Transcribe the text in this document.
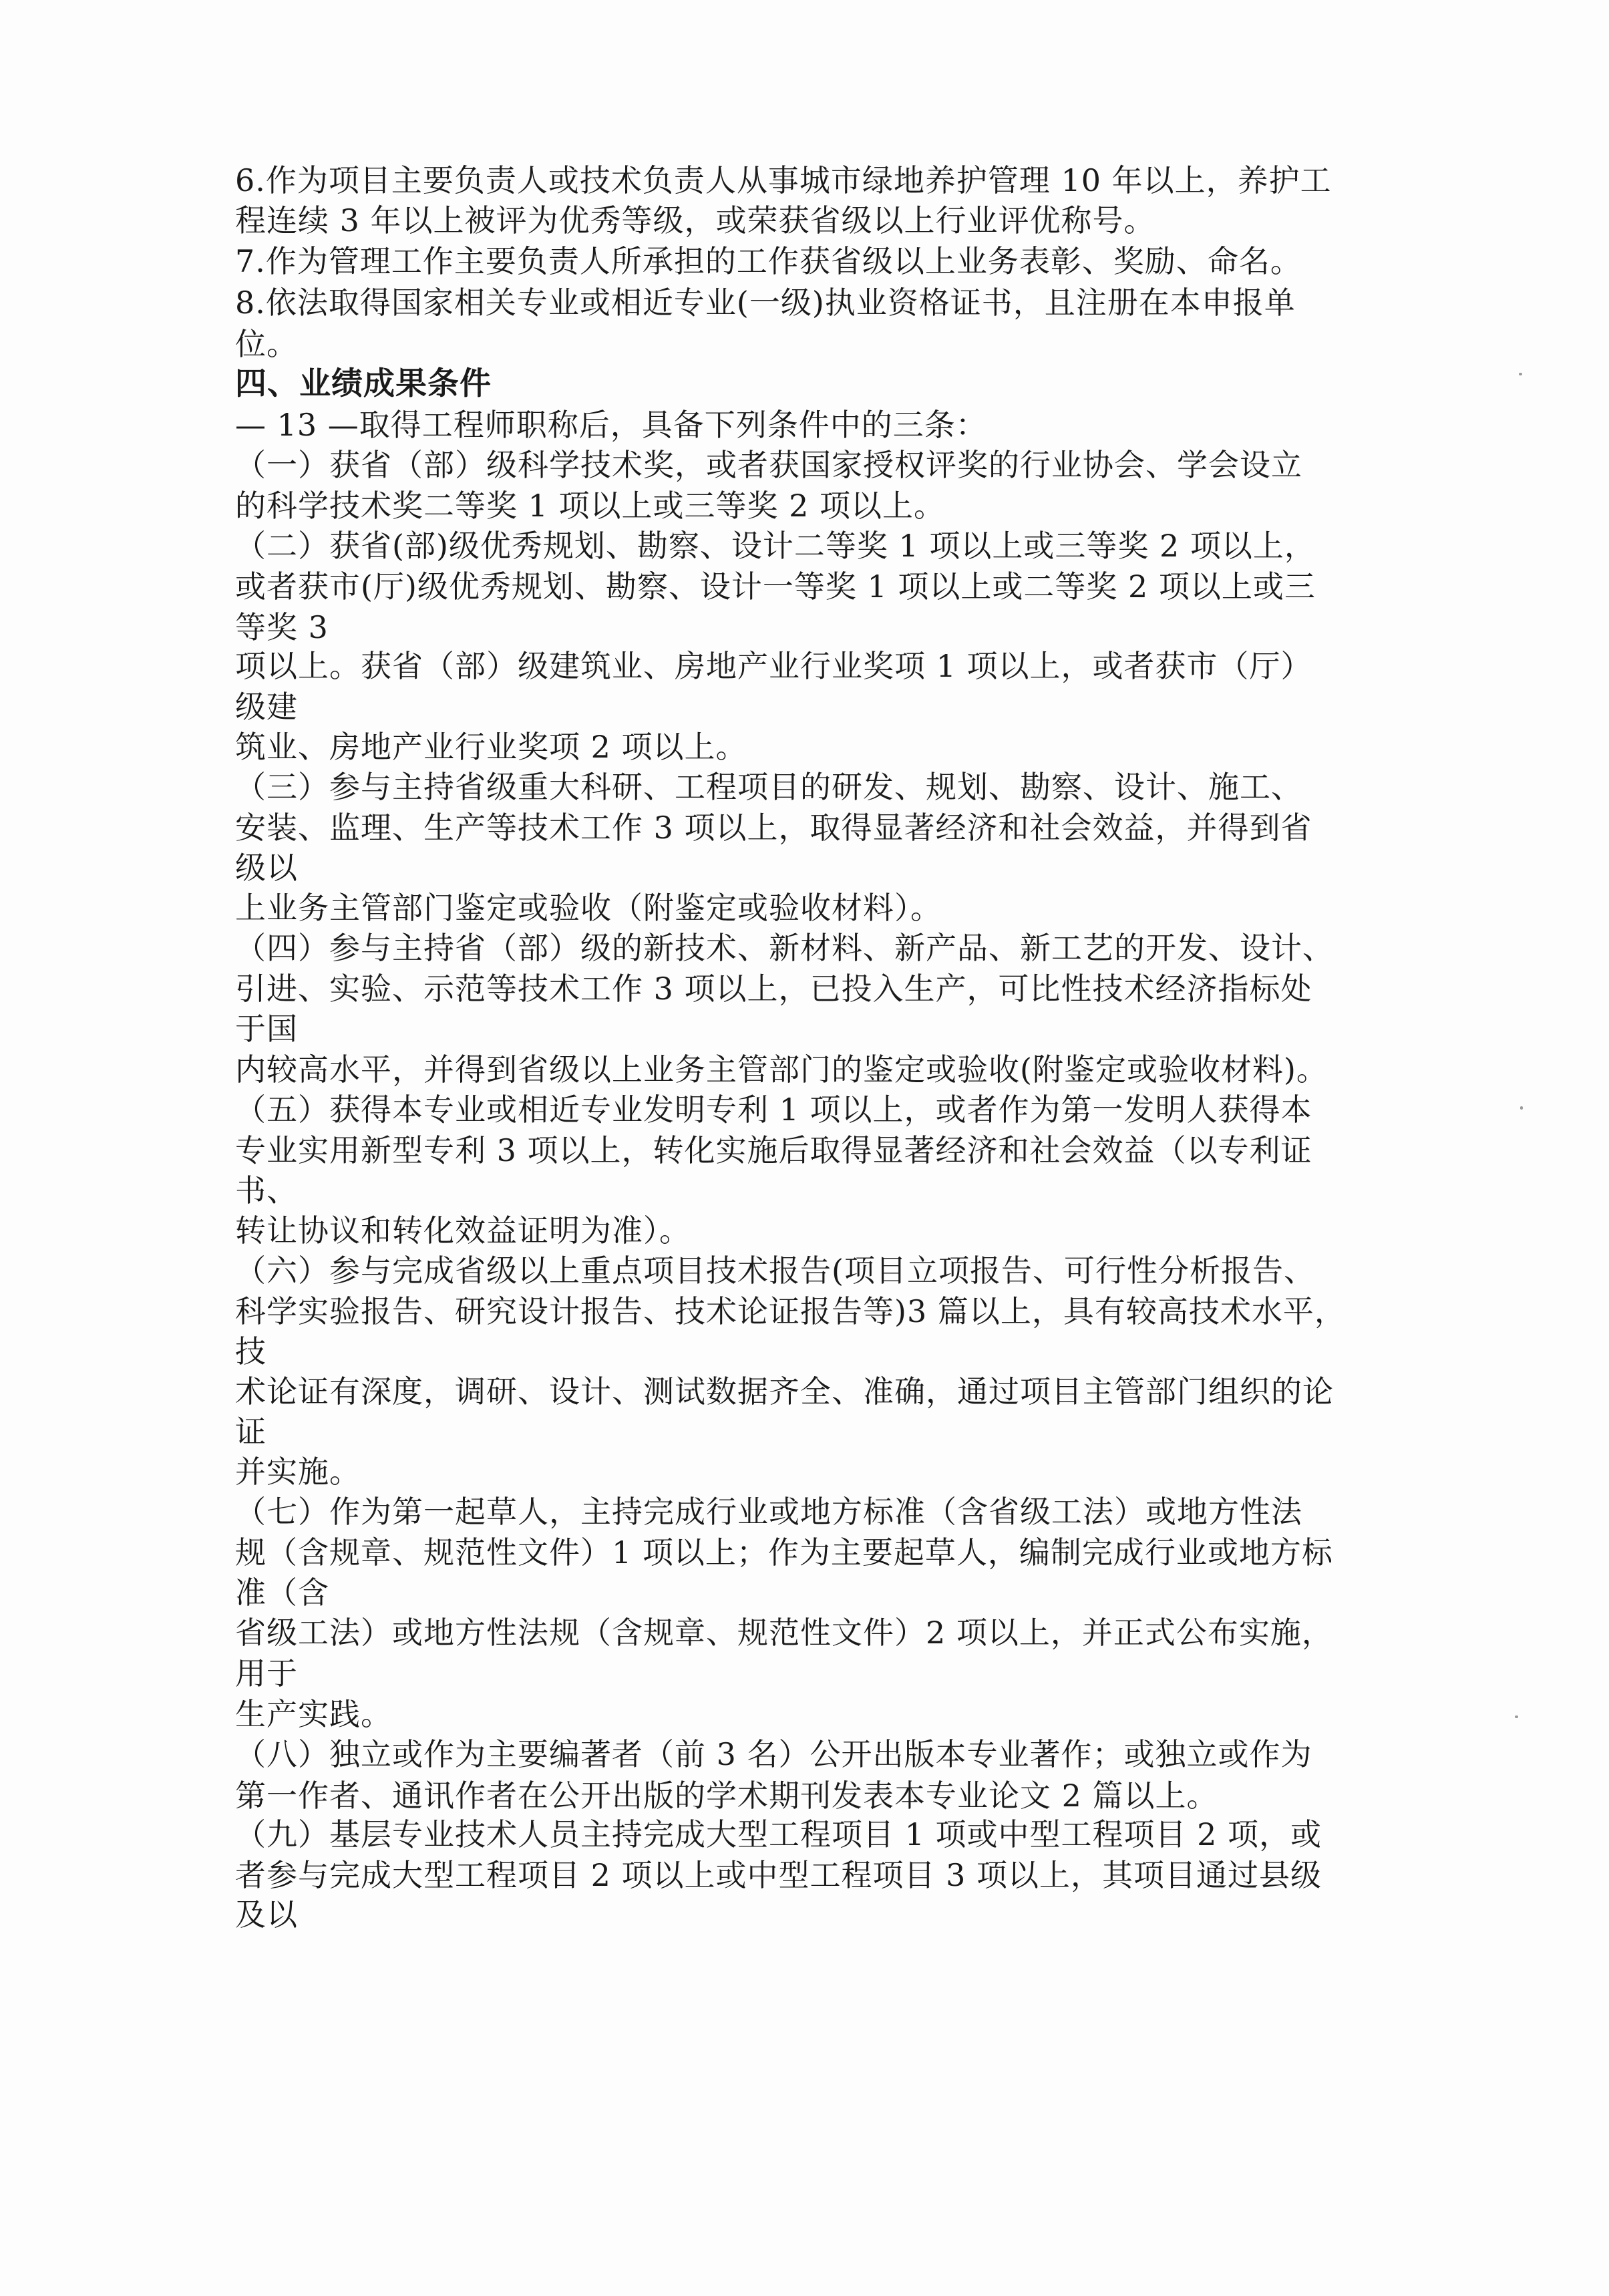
6.作为项目主要负责人或技术负责人从事城市绿地养护管理 10 年以上，养护工
程连续 3 年以上被评为优秀等级，或荣获省级以上行业评优称号。
7.作为管理工作主要负责人所承担的工作获省级以上业务表彰、奖励、命名。
8.依法取得国家相关专业或相近专业(一级)执业资格证书，且注册在本申报单
位。
四、业绩成果条件
— 13 —取得工程师职称后，具备下列条件中的三条：
（一）获省（部）级科学技术奖，或者获国家授权评奖的行业协会、学会设立
的科学技术奖二等奖 1 项以上或三等奖 2 项以上。
（二）获省(部)级优秀规划、勘察、设计二等奖 1 项以上或三等奖 2 项以上，
或者获市(厅)级优秀规划、勘察、设计一等奖 1 项以上或二等奖 2 项以上或三
等奖 3
项以上。获省（部）级建筑业、房地产业行业奖项 1 项以上，或者获市（厅）
级建
筑业、房地产业行业奖项 2 项以上。
（三）参与主持省级重大科研、工程项目的研发、规划、勘察、设计、施工、
安装、监理、生产等技术工作 3 项以上，取得显著经济和社会效益，并得到省
级以
上业务主管部门鉴定或验收（附鉴定或验收材料）。
（四）参与主持省（部）级的新技术、新材料、新产品、新工艺的开发、设计、
引进、实验、示范等技术工作 3 项以上，已投入生产，可比性技术经济指标处
于国
内较高水平，并得到省级以上业务主管部门的鉴定或验收(附鉴定或验收材料)。
（五）获得本专业或相近专业发明专利 1 项以上，或者作为第一发明人获得本
专业实用新型专利 3 项以上，转化实施后取得显著经济和社会效益（以专利证
书、
转让协议和转化效益证明为准）。
（六）参与完成省级以上重点项目技术报告(项目立项报告、可行性分析报告、
科学实验报告、研究设计报告、技术论证报告等)3 篇以上，具有较高技术水平，
技
术论证有深度，调研、设计、测试数据齐全、准确，通过项目主管部门组织的论
证
并实施。
（七）作为第一起草人，主持完成行业或地方标准（含省级工法）或地方性法
规（含规章、规范性文件）1 项以上；作为主要起草人，编制完成行业或地方标
准（含
省级工法）或地方性法规（含规章、规范性文件）2 项以上，并正式公布实施，
用于
生产实践。
（八）独立或作为主要编著者（前 3 名）公开出版本专业著作；或独立或作为
第一作者、通讯作者在公开出版的学术期刊发表本专业论文 2 篇以上。
（九）基层专业技术人员主持完成大型工程项目 1 项或中型工程项目 2 项，或
者参与完成大型工程项目 2 项以上或中型工程项目 3 项以上，其项目通过县级
及以
